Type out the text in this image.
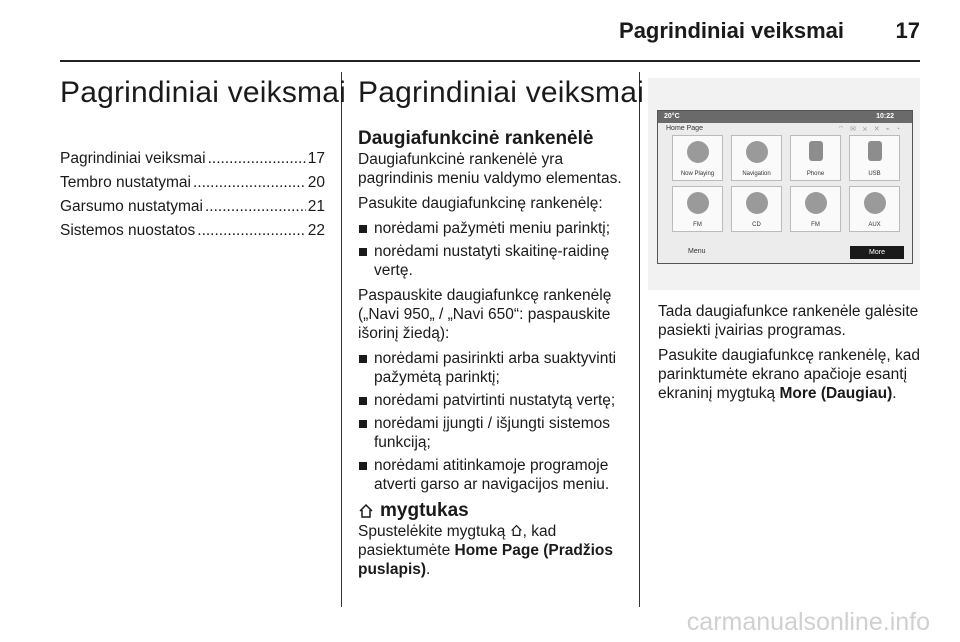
Pagrindiniai veiksmai	17
Pagrindiniai veiksmai
Pagrindiniai veiksmai .....	17
Tembro nustatymai .....	20
Garsumo nustatymai .....	21
Sistemos nuostatos .....	22
Pagrindiniai veiksmai
Daugiafunkcinė rankenėlė

Daugiafunkcinė rankenėlė yra pagrindinis meniu valdymo elementas.

Pasukite daugiafunkcinę rankenėlę:

norėdami pažymėti meniu parinktį;
norėdami nustatyti skaitinę-raidinę vertę.

Paspauskite daugiafunkcę rankenėlę („Navi 950„ / „Navi 650“: paspauskite išorinį žiedą):

norėdami pasirinkti arba suaktyvinti pažymėtą parinktį;
norėdami patvirtinti nustatytą vertę;
norėdami įjungti / išjungti sistemos funkciją;
norėdami atitinkamoje programoje atverti garso ar navigacijos meniu.
mygtukas

Spustelėkite mygtuką , kad pasiektumėte Home Page (Pradžios puslapis).

20°C	10:22
Home Page	⌔ ✉ ⨯ ✕ ⌁ ◔
Now Playing	Navigation	Phone	USB
FM	CD	FM	AUX
Menu	More

Tada daugiafunkce rankenėle galėsite pasiekti įvairias programas.

Pasukite daugiafunkcę rankenėlę, kad parinktumėte ekrano apačioje esantį ekraninį mygtuką More (Daugiau).

carmanualsonline.info
